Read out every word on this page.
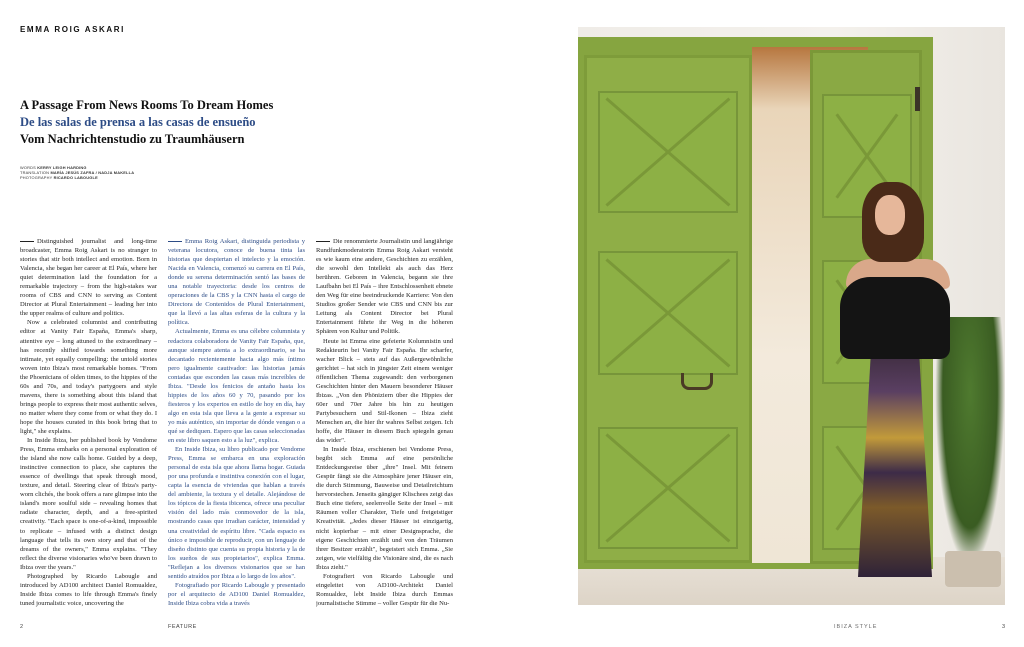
EMMA ROIG ASKARI
A Passage From News Rooms To Dream Homes
De las salas de prensa a las casas de ensueño
Vom Nachrichtenstudio zu Traumhäusern
WORDS KERRY LEIGH HARDING
TRANSLATION MARÍA JESÚS ZAFRA / NADJA MAKELLA
PHOTOGRAPHY RICARDO LABOUGLE

Distinguished journalist and long-time broadcaster, Emma Roig Askari is no stranger to stories that stir both intellect and emotion. Born in Valencia, she began her career at El País, where her quiet determination laid the foundation for a remarkable trajectory – from the high-stakes war rooms of CBS and CNN to serving as Content Director at Plural Entertainment – leading her into the upper realms of culture and politics.

Now a celebrated columnist and contributing editor at Vanity Fair España, Emma's sharp, attentive eye – long attuned to the extraordinary – has recently shifted towards something more intimate, yet equally compelling: the untold stories woven into Ibiza's most remarkable homes. "From the Phoenicians of olden times, to the hippies of the 60s and 70s, and today's partygoers and style mavens, there is something about this island that brings people to express their most authentic selves, no matter where they come from or what they do. I hope the houses curated in this book bring that to light," she explains.

In Inside Ibiza, her published book by Vendome Press, Emma embarks on a personal exploration of the island she now calls home. Guided by a deep, instinctive connection to place, she captures the essence of dwellings that speak through mood, texture, and detail. Steering clear of Ibiza's party-worn clichés, the book offers a rare glimpse into the island's more soulful side – revealing homes that radiate character, depth, and a free-spirited creativity. "Each space is one-of-a-kind, impossible to replicate – infused with a distinct design language that tells its own story and that of the dreams of the owners," Emma explains. "They reflect the diverse visionaries who've been drawn to Ibiza over the years."

Photographed by Ricardo Labougle and introduced by AD100 architect Daniel Romualdez, Inside Ibiza comes to life through Emma's finely tuned journalistic voice, uncovering the

Emma Roig Askari, distinguida periodista y veterana locutora, conoce de buena tinta las historias que despiertan el intelecto y la emoción. Nacida en Valencia, comenzó su carrera en El País, donde su serena determinación sentó las bases de una notable trayectoria: desde los centros de operaciones de la CBS y la CNN hasta el cargo de Directora de Contenidos de Plural Entertainment, que la llevó a las altas esferas de la cultura y la política.

Actualmente, Emma es una célebre columnista y redactora colaboradora de Vanity Fair España, que, aunque siempre atenta a lo extraordinario, se ha decantado recientemente hacia algo más íntimo pero igualmente cautivador: las historias jamás contadas que esconden las casas más increíbles de Ibiza. "Desde los fenicios de antaño hasta los hippies de los años 60 y 70, pasando por los fiesteros y los expertos en estilo de hoy en día, hay algo en esta isla que lleva a la gente a expresar su yo más auténtico, sin importar de dónde vengan o a qué se dediquen. Espero que las casas seleccionadas en este libro saquen esto a la luz", explica.

En Inside Ibiza, su libro publicado por Vendome Press, Emma se embarca en una exploración personal de esta isla que ahora llama hogar. Guiada por una profunda e instintiva conexión con el lugar, capta la esencia de viviendas que hablan a través del ambiente, la textura y el detalle. Alejándose de los tópicos de la fiesta ibicenca, ofrece una peculiar visión del lado más conmovedor de la isla, mostrando casas que irradian carácter, intensidad y una creatividad de espíritu libre. "Cada espacio es único e imposible de reproducir, con un lenguaje de diseño distinto que cuenta su propia historia y la de los sueños de sus propietarios", explica Emma. "Reflejan a los diversos visionarios que se han sentido atraídos por Ibiza a lo largo de los años".

Fotografiado por Ricardo Labougle y presentado por el arquitecto de AD100 Daniel Romualdez, Inside Ibiza cobra vida a través

Die renommierte Journalistin und langjährige Rundfunkmoderatorin Emma Roig Askari versteht es wie kaum eine andere, Geschichten zu erzählen, die sowohl den Intellekt als auch das Herz berühren. Geboren in Valencia, begann sie ihre Laufbahn bei El País – ihre Entschlossenheit ebnete den Weg für eine beeindruckende Karriere: Von den Studios großer Sender wie CBS und CNN bis zur Leitung als Content Director bei Plural Entertainment führte ihr Weg in die höheren Sphären von Kultur und Politik.

Heute ist Emma eine gefeierte Kolumnistin und Redakteurin bei Vanity Fair España. Ihr scharfer, wacher Blick – stets auf das Außergewöhnliche gerichtet – hat sich in jüngster Zeit einem weniger öffentlichen Thema zugewandt: den verborgenen Geschichten hinter den Mauern besonderer Häuser Ibizas. „Von den Phöniziern über die Hippies der 60er und 70er Jahre bis hin zu heutigen Partybesuchern und Stil-Ikonen – Ibiza zieht Menschen an, die hier ihr wahres Selbst zeigen. Ich hoffe, die Häuser in diesem Buch spiegeln genau das wider".

In Inside Ibiza, erschienen bei Vendome Press, begibt sich Emma auf eine persönliche Entdeckungsreise über „ihre" Insel. Mit feinem Gespür fängt sie die Atmosphäre jener Häuser ein, die durch Stimmung, Bauweise und Detailreichtum hervorstechen. Jenseits gängiger Klischees zeigt das Buch eine tiefere, seelenvolle Seite der Insel – mit Räumen voller Charakter, Tiefe und freigeistiger Kreativität. „Jedes dieser Häuser ist einzigartig, nicht kopierbar – mit einer Designsprache, die eigene Geschichten erzählt und von den Träumen ihrer Besitzer erzählt", begeistert sich Emma. „Sie zeigen, wie vielfältig die Visionäre sind, die es nach Ibiza zieht."

Fotografiert von Ricardo Labougle und eingeleitet von AD100-Architekt Daniel Romualdez, lebt Inside Ibiza durch Emmas journalistische Stimme – voller Gespür für die Nu-

2	FEATURE	IBIZA STYLE	3
